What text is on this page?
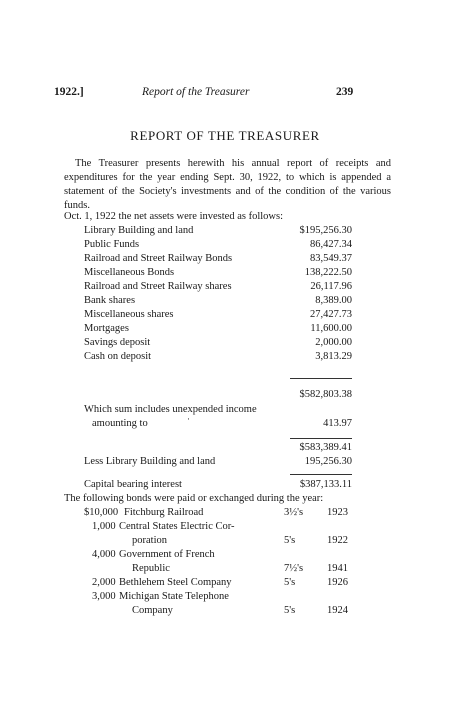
1922.]	Report of the Treasurer	239
REPORT OF THE TREASURER
The Treasurer presents herewith his annual report of receipts and expenditures for the year ending Sept. 30, 1922, to which is appended a statement of the Society's investments and of the condition of the various funds.
Oct. 1, 1922 the net assets were invested as follows:
Library Building and land	$195,256.30
Public Funds	86,427.34
Railroad and Street Railway Bonds	83,549.37
Miscellaneous Bonds	138,222.50
Railroad and Street Railway shares	26,117.96
Bank shares	8,389.00
Miscellaneous shares	27,427.73
Mortgages	11,600.00
Savings deposit	2,000.00
Cash on deposit	3,813.29
$582,803.38
Which sum includes unexpended income
amounting to	·	413.97
$583,389.41
Less Library Building and land	195,256.30
Capital bearing interest	$387,133.11
The following bonds were paid or exchanged during the year:
$10,000 Fitchburg Railroad	3½'s 1923
1,000 Central States Electric Cor-
poration	5's	1922
4,000 Government of French
Republic	7½'s 1941
2,000 Bethlehem Steel Company	5's	1926
3,000 Michigan State Telephone
Company	5's	1924
